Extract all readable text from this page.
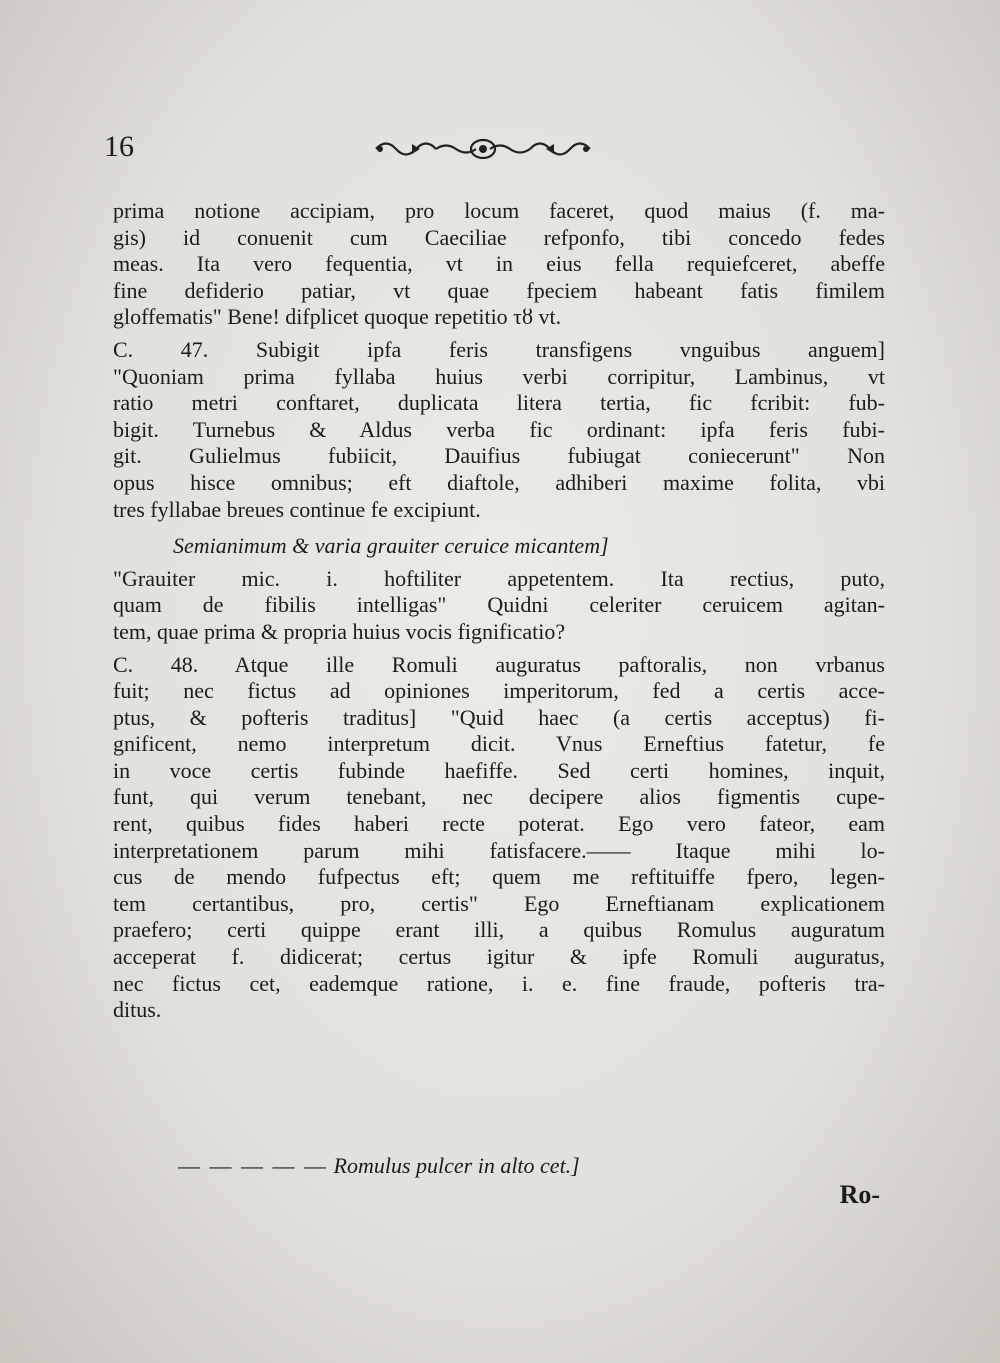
16

prima notione accipiam, pro locum faceret, quod maius (f. ma-
gis) id conuenit cum Caeciliae refponfo, tibi concedo fedes
meas. Ita vero fequentia, vt in eius fella requiefceret, abeffe
fine defiderio patiar, vt quae fpeciem habeant fatis fimilem
gloffematis" Bene! difplicet quoque repetitio τȣ vt.

C. 47. Subigit ipfa feris transfigens vnguibus anguem]
"Quoniam prima fyllaba huius verbi corripitur, Lambinus, vt
ratio metri conftaret, duplicata litera tertia, fic fcribit: fub-
bigit. Turnebus & Aldus verba fic ordinant: ipfa feris fubi-
git. Gulielmus fubiicit, Dauifius fubiugat coniecerunt" Non
opus hisce omnibus; eft diaftole, adhiberi maxime folita, vbi
tres fyllabae breues continue fe excipiunt.

Semianimum & varia grauiter ceruice micantem]

"Grauiter mic. i. hoftiliter appetentem. Ita rectius, puto,
quam de fibilis intelligas" Quidni celeriter ceruicem agitan-
tem, quae prima & propria huius vocis fignificatio?

C. 48. Atque ille Romuli auguratus paftoralis, non vrbanus
fuit; nec fictus ad opiniones imperitorum, fed a certis acce-
ptus, & pofteris traditus] "Quid haec (a certis acceptus) fi-
gnificent, nemo interpretum dicit. Vnus Erneftius fatetur, fe
in voce certis fubinde haefiffe. Sed certi homines, inquit,
funt, qui verum tenebant, nec decipere alios figmentis cupe-
rent, quibus fides haberi recte poterat. Ego vero fateor, eam
interpretationem parum mihi fatisfacere.—— Itaque mihi lo-
cus de mendo fufpectus eft; quem me reftituiffe fpero, legen-
tem certantibus, pro, certis" Ego Erneftianam explicationem
praefero; certi quippe erant illi, a quibus Romulus auguratum
acceperat f. didicerat; certus igitur & ipfe Romuli auguratus,
nec fictus cet, eademque ratione, i. e. fine fraude, pofteris tra-
ditus.

— — — — — Romulus pulcer in alto cet.]
Ro-
